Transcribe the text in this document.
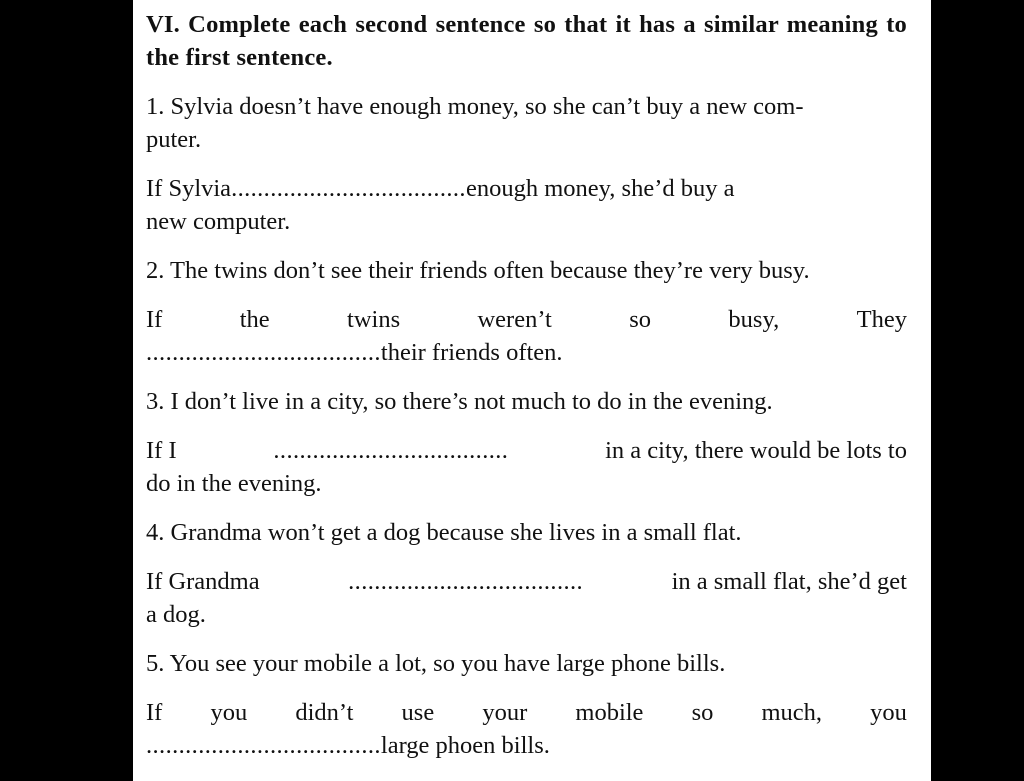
VI. Complete each second sentence so that it has a similar meaning to the first sentence.
1. Sylvia doesn’t have enough money, so she can’t buy a new com-
puter.
If Sylvia....................................enough money, she’d buy a
new computer.
2. The twins don’t see their friends often because they’re very busy.
If	the	twins	weren’t	so	busy,	They
....................................their friends often.
3. I don’t live in a city, so there’s not much to do in the evening.
If I	....................................	in a city, there would be lots to
do in the evening.
4. Grandma won’t get a dog because she lives in a small flat.
If Grandma	....................................	in a small flat, she’d get
a dog.
5. You see your mobile a lot, so you have large phone bills.
If you didn’t use your mobile so much, you
....................................large phoen bills.
